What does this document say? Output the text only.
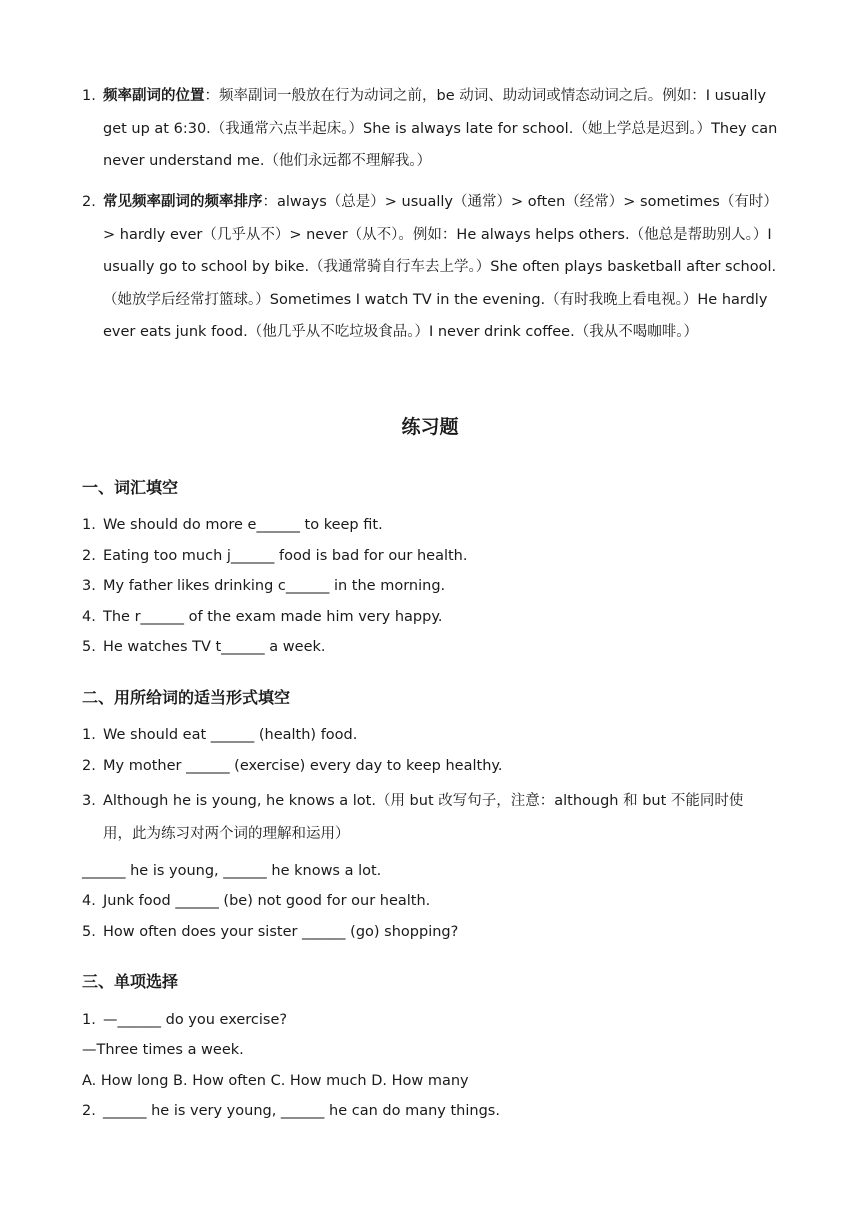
1. 频率副词的位置：频率副词一般放在行为动词之前，be 动词、助动词或情态动词之后。例如：I usually get up at 6:30.（我通常六点半起床。）She is always late for school.（她上学总是迟到。）They can never understand me.（他们永远都不理解我。）
2. 常见频率副词的频率排序：always（总是）> usually（通常）> often（经常）> sometimes（有时）> hardly ever（几乎从不）> never（从不）。例如：He always helps others.（他总是帮助别人。）I usually go to school by bike.（我通常骑自行车去上学。）She often plays basketball after school.（她放学后经常打篮球。）Sometimes I watch TV in the evening.（有时我晚上看电视。）He hardly ever eats junk food.（他几乎从不吃垃圾食品。）I never drink coffee.（我从不喝咖啡。）
练习题
一、词汇填空
1. We should do more e______ to keep fit.
2. Eating too much j______ food is bad for our health.
3. My father likes drinking c______ in the morning.
4. The r______ of the exam made him very happy.
5. He watches TV t______ a week.
二、用所给词的适当形式填空
1. We should eat ______ (health) food.
2. My mother ______ (exercise) every day to keep healthy.
3. Although he is young, he knows a lot.（用 but 改写句子，注意：although 和 but 不能同时使用，此为练习对两个词的理解和运用）
______ he is young, ______ he knows a lot.
4. Junk food ______ (be) not good for our health.
5. How often does your sister ______ (go) shopping?
三、单项选择
1. —______ do you exercise?
—Three times a week.
A. How long B. How often C. How much D. How many
2. ______ he is very young, ______ he can do many things.
